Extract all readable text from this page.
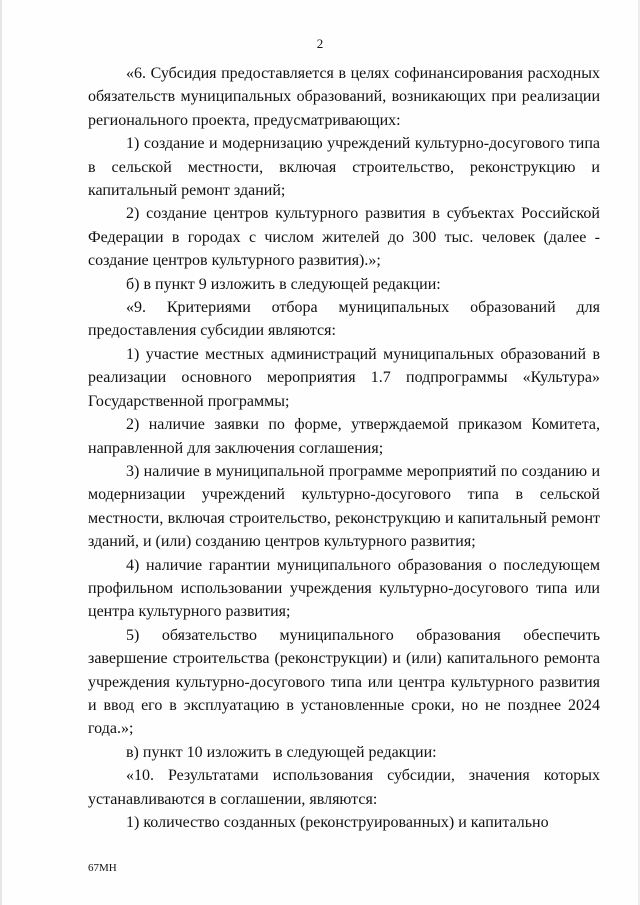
2

«6. Субсидия предоставляется в целях софинансирования расходных обязательств муниципальных образований, возникающих при реализации регионального проекта, предусматривающих:

1) создание и модернизацию учреждений культурно-досугового типа в сельской местности, включая строительство, реконструкцию и капитальный ремонт зданий;

2) создание центров культурного развития в субъектах Российской Федерации в городах с числом жителей до 300 тыс. человек (далее - создание центров культурного развития).»;

б) в пункт 9 изложить в следующей редакции:

«9. Критериями отбора муниципальных образований для предоставления субсидии являются:

1) участие местных администраций муниципальных образований в реализации основного мероприятия 1.7 подпрограммы «Культура» Государственной программы;

2) наличие заявки по форме, утверждаемой приказом Комитета, направленной для заключения соглашения;

3) наличие в муниципальной программе мероприятий по созданию и модернизации учреждений культурно-досугового типа в сельской местности, включая строительство, реконструкцию и капитальный ремонт зданий, и (или) созданию центров культурного развития;

4) наличие гарантии муниципального образования о последующем профильном использовании учреждения культурно-досугового типа или центра культурного развития;

5) обязательство муниципального образования обеспечить завершение строительства (реконструкции) и (или) капитального ремонта учреждения культурно-досугового типа или центра культурного развития и ввод его в эксплуатацию в установленные сроки, но не позднее 2024 года.»;

в) пункт 10 изложить в следующей редакции:

«10. Результатами использования субсидии, значения которых устанавливаются в соглашении, являются:

1) количество созданных (реконструированных) и капитально

67МН
